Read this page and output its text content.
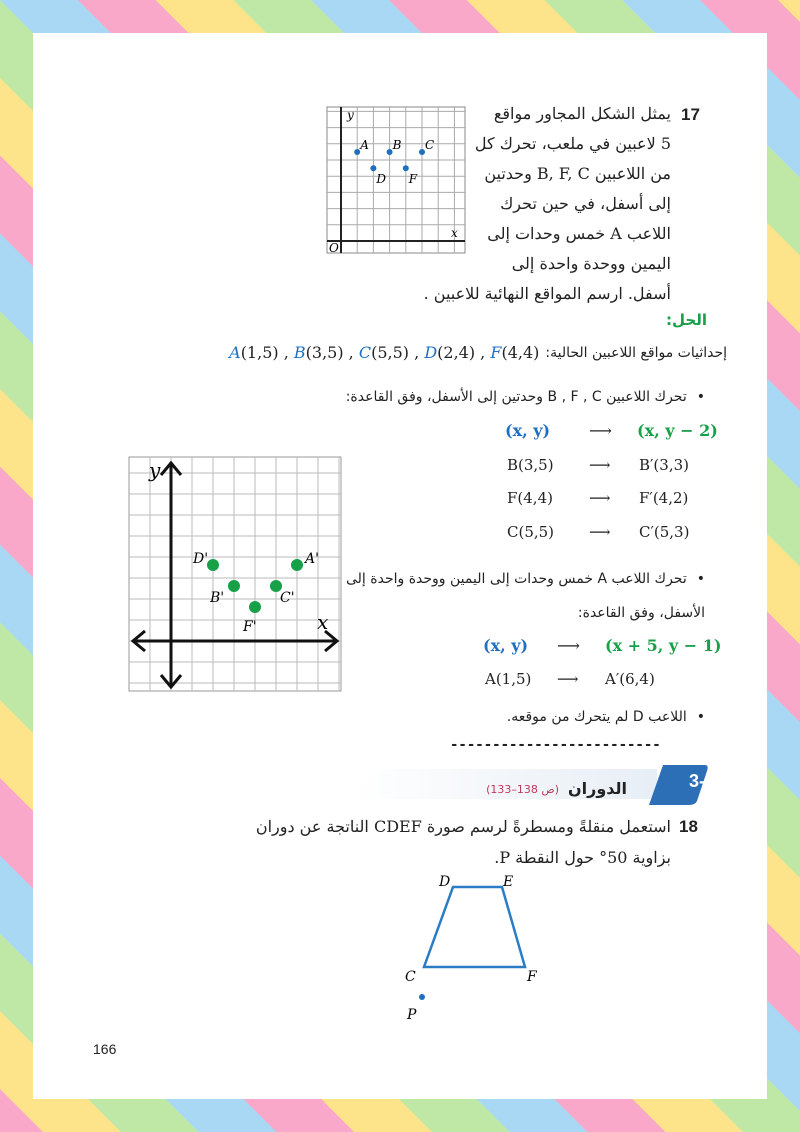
17
يمثل الشكل المجاور مواقع
5 لاعبين في ملعب، تحرك كل
من اللاعبين B, F, C وحدتين
إلى أسفل، في حين تحرك
اللاعب A خمس وحدات إلى
اليمين ووحدة واحدة إلى
أسفل. ارسم المواقع النهائية للاعبين .
y
x
O
A B C
D F
الحل:
إحداثيات مواقع اللاعبين الحالية:
A(1,5) , B(3,5) , C(5,5) , D(2,4) , F(4,4)
• تحرك اللاعبين B , F , C وحدتين إلى الأسفل، وفق القاعدة:
(x, y)	⟶	(x, y − 2)
B(3,5)	⟶	B′(3,3)
F(4,4)	⟶	F′(4,2)
C(5,5)	⟶	C′(5,3)
• تحرك اللاعب A خمس وحدات إلى اليمين ووحدة واحدة إلى
الأسفل، وفق القاعدة:
(x, y)	⟶	(x + 5, y − 1)
A(1,5)	⟶	A′(6,4)
• اللاعب D لم يتحرك من موقعه.
-------------------------
y
x
D'
B'
F'
C'
A'
3-3
الدوران
(ص 138–133)
18
استعمل منقلةً ومسطرةً لرسم صورة CDEF الناتجة عن دوران
بزاوية 50° حول النقطة P.
D	E
C	F
P
166
